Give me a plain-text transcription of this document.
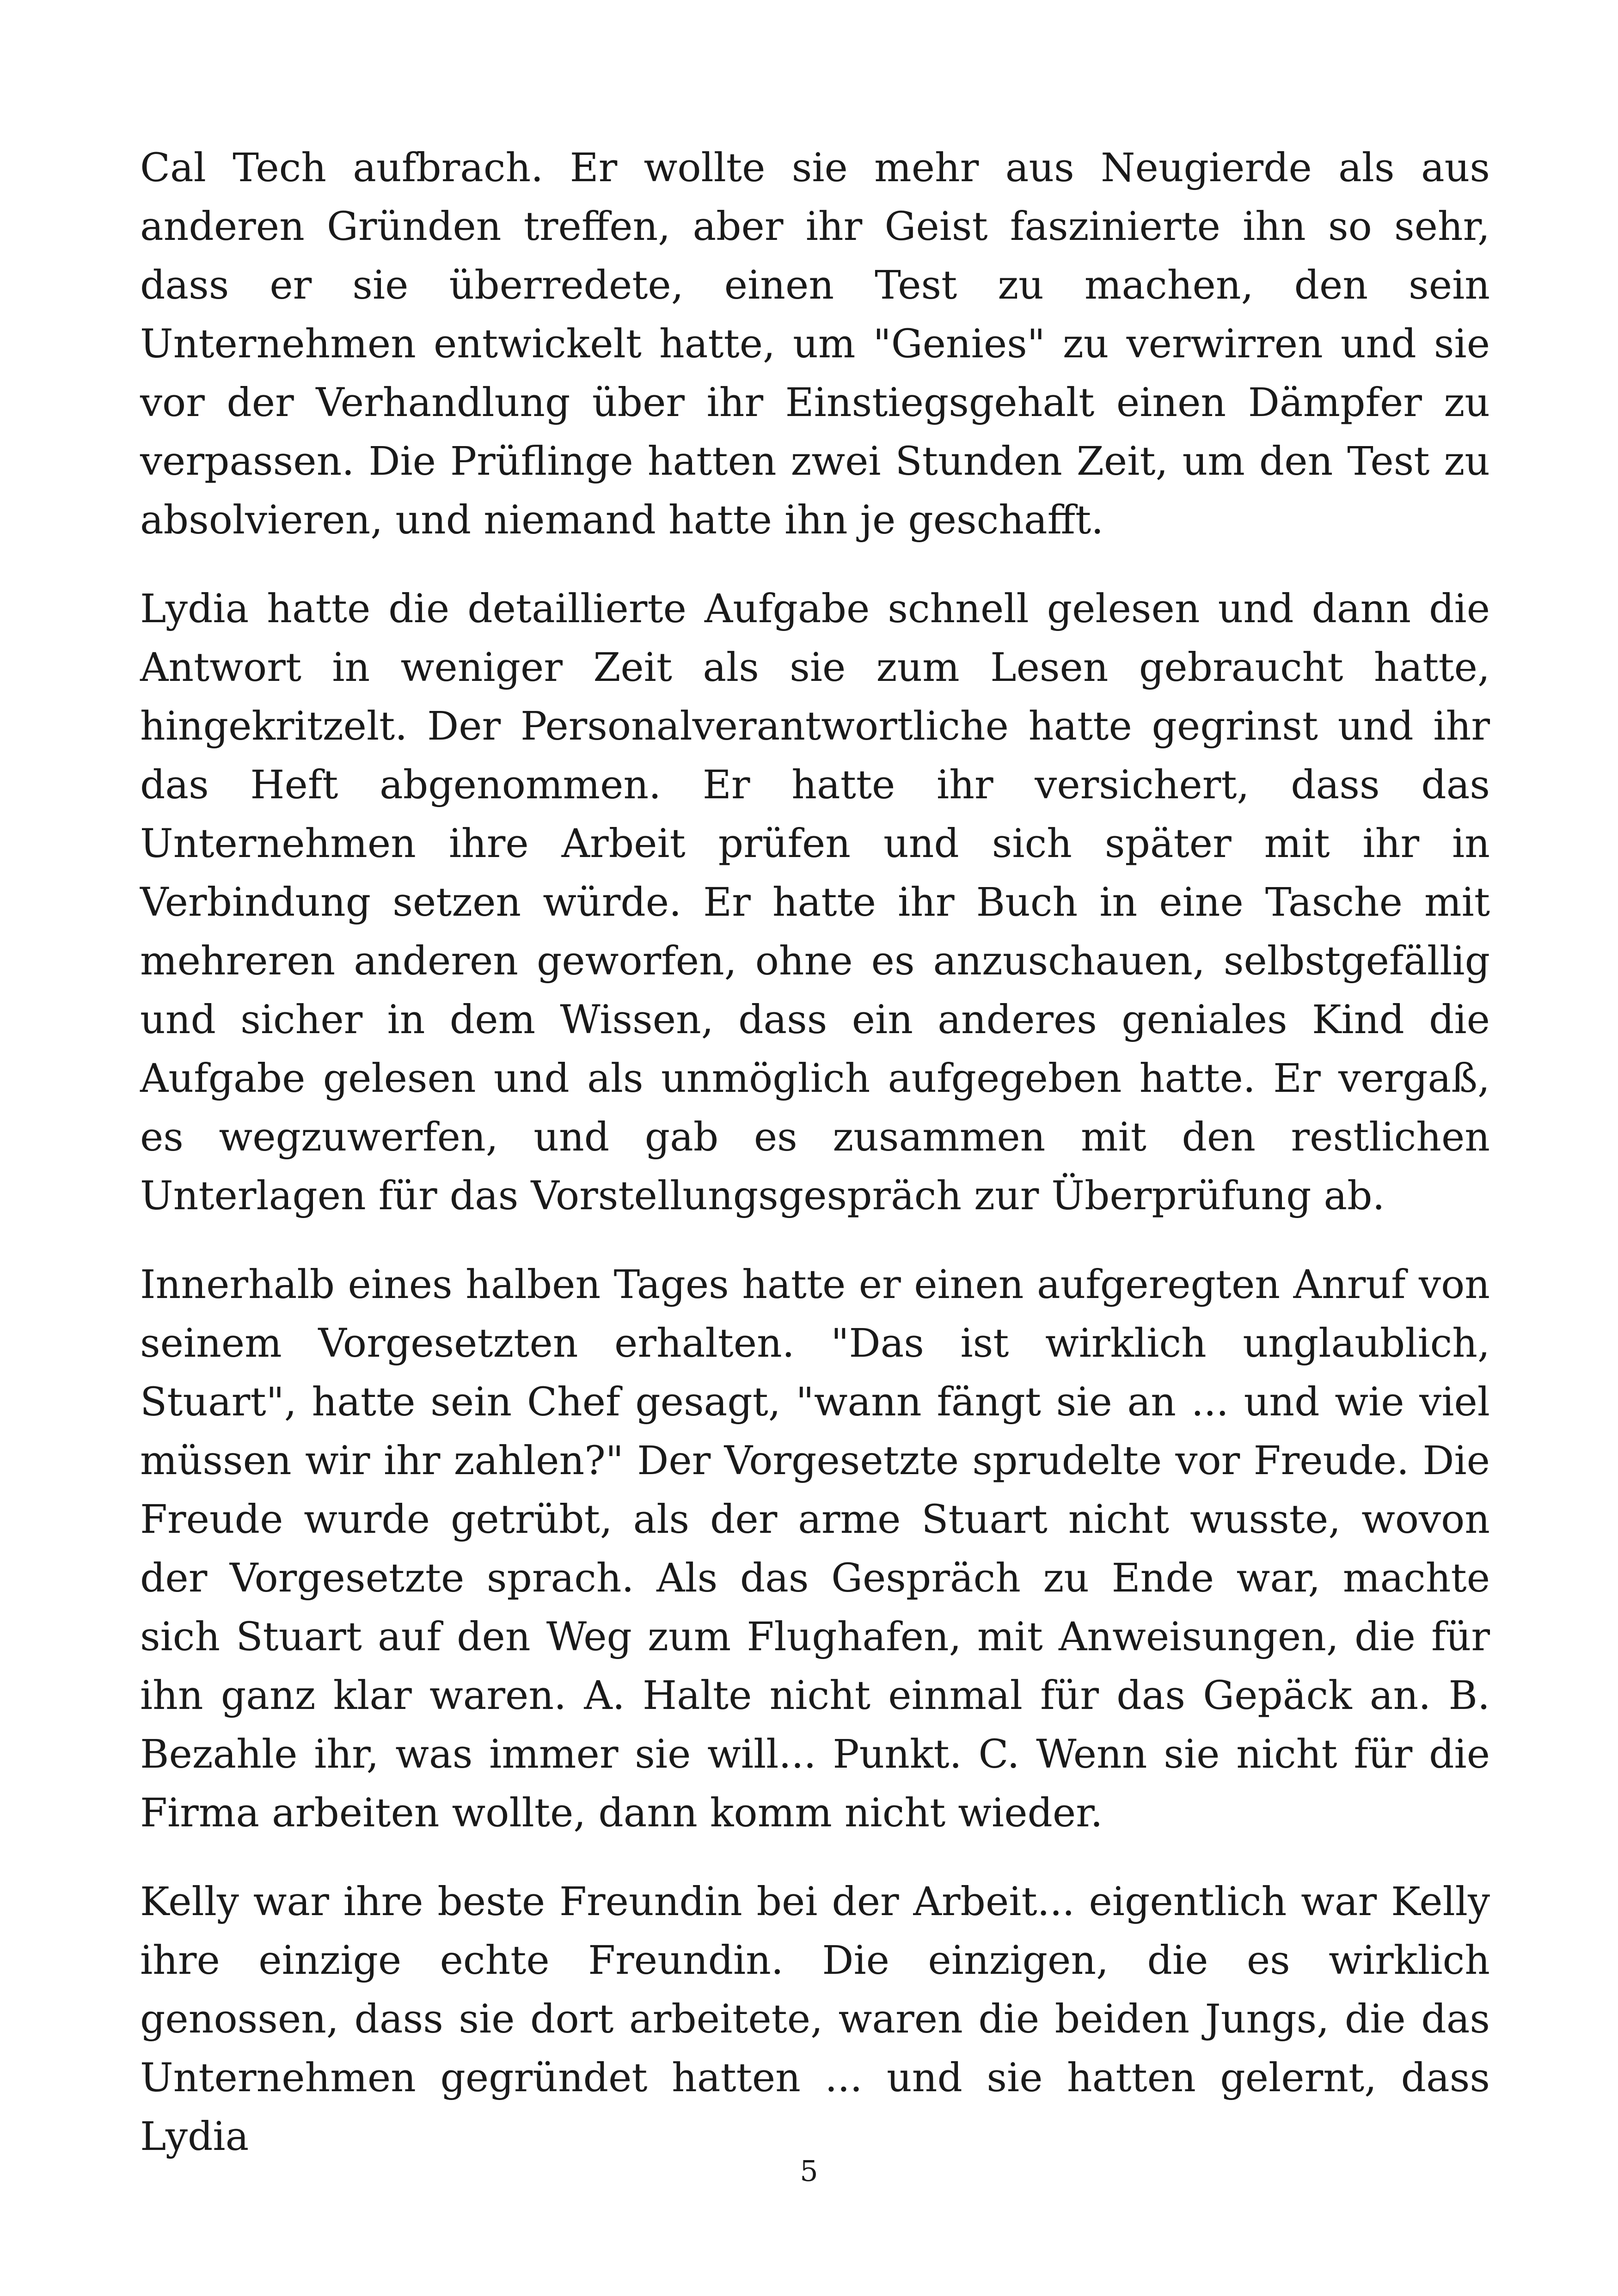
Cal Tech aufbrach. Er wollte sie mehr aus Neugierde als aus anderen Gründen treffen, aber ihr Geist faszinierte ihn so sehr, dass er sie überredete, einen Test zu machen, den sein Unternehmen entwickelt hatte, um "Genies" zu verwirren und sie vor der Verhandlung über ihr Einstiegsgehalt einen Dämpfer zu verpassen. Die Prüflinge hatten zwei Stunden Zeit, um den Test zu absolvieren, und niemand hatte ihn je geschafft.

Lydia hatte die detaillierte Aufgabe schnell gelesen und dann die Antwort in weniger Zeit als sie zum Lesen gebraucht hatte, hingekritzelt. Der Personalverantwortliche hatte gegrinst und ihr das Heft abgenommen. Er hatte ihr versichert, dass das Unternehmen ihre Arbeit prüfen und sich später mit ihr in Verbindung setzen würde. Er hatte ihr Buch in eine Tasche mit mehreren anderen geworfen, ohne es anzuschauen, selbstgefällig und sicher in dem Wissen, dass ein anderes geniales Kind die Aufgabe gelesen und als unmöglich aufgegeben hatte. Er vergaß, es wegzuwerfen, und gab es zusammen mit den restlichen Unterlagen für das Vorstellungsgespräch zur Überprüfung ab.

Innerhalb eines halben Tages hatte er einen aufgeregten Anruf von seinem Vorgesetzten erhalten. "Das ist wirklich unglaublich, Stuart", hatte sein Chef gesagt, "wann fängt sie an ... und wie viel müssen wir ihr zahlen?" Der Vorgesetzte sprudelte vor Freude. Die Freude wurde getrübt, als der arme Stuart nicht wusste, wovon der Vorgesetzte sprach. Als das Gespräch zu Ende war, machte sich Stuart auf den Weg zum Flughafen, mit Anweisungen, die für ihn ganz klar waren. A. Halte nicht einmal für das Gepäck an. B. Bezahle ihr, was immer sie will... Punkt. C. Wenn sie nicht für die Firma arbeiten wollte, dann komm nicht wieder.

Kelly war ihre beste Freundin bei der Arbeit... eigentlich war Kelly ihre einzige echte Freundin. Die einzigen, die es wirklich genossen, dass sie dort arbeitete, waren die beiden Jungs, die das Unternehmen gegründet hatten ... und sie hatten gelernt, dass Lydia

5
